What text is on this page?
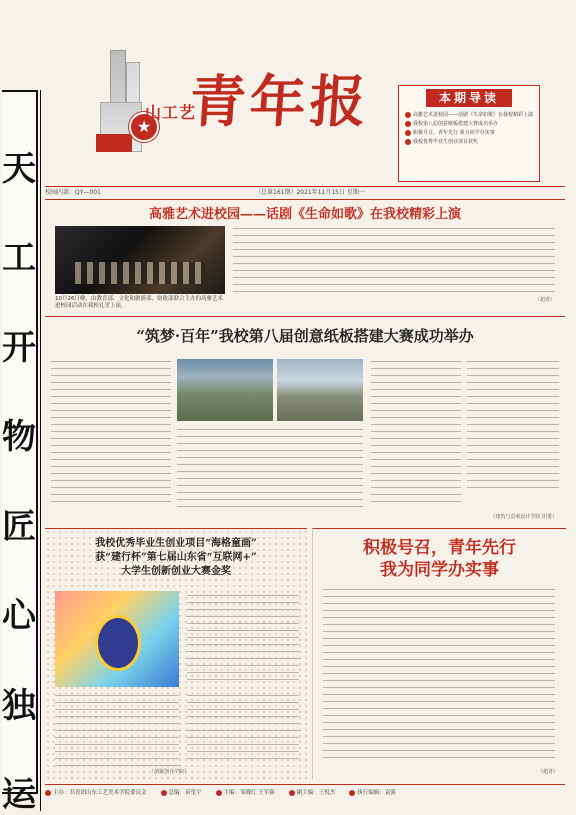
天
工
开
物
匠
心
独
运
★
山工艺
青年报	本期导读
高雅艺术进校园——话剧《生命如歌》在我校精彩上演
我校第八届创意纸板搭建大赛成功举办
积极号召，青年先行 我为同学办实事
我校优秀毕业生创业项目获奖
校园内部：QY—001	（总第161期）2021年11月15日 星期一
高雅艺术进校园——话剧《生命如歌》在我校精彩上演
10月26日晚，由教育部、文化和旅游部、财政部联合主办的高雅艺术进校园活动在我校礼堂上演。
（超者）
“筑梦·百年”我校第八届创意纸板搭建大赛成功举办
（建筑与景观设计学院 团委）
我校优秀毕业生创业项目“海格童画”
获“建行杯”第七届山东省“互联网+”
大学生创新创业大赛金奖
（创新创业学院）
积极号召，青年先行
我为同学办实事
（超者）
主办：共青团山东工艺美术学院委员会	总编：苗玺宇	主编：邹晓红 王军强	副主编：王悦杰	执行编辑：袁强
